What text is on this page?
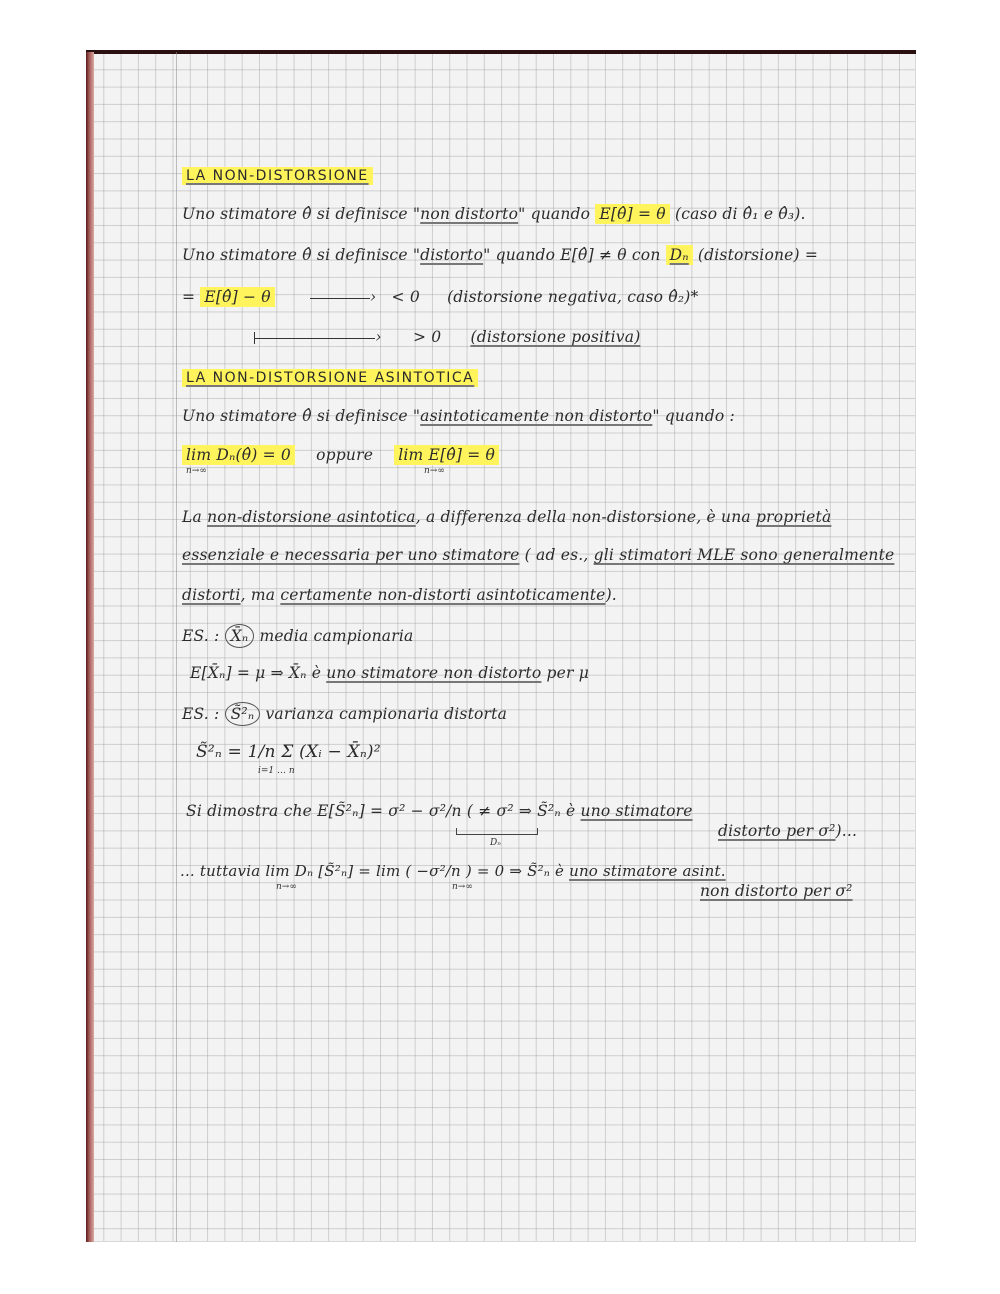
LA NON-DISTORSIONE
Uno stimatore θ̂ si definisce "non distorto" quando E[θ̂] = θ (caso di θ̂₁ e θ̂₃).
Uno stimatore θ̂ si definisce "distorto" quando E[θ̂] ≠ θ con Dₙ (distorsione) =
= E[θ̂] − θ	› < 0 (distorsione negativa, caso θ̂₂)*
› > 0 (distorsione positiva)
LA NON-DISTORSIONE ASINTOTICA
Uno stimatore θ̂ si definisce "asintoticamente non distorto" quando :
lim Dₙ(θ̂) = 0 oppure lim E[θ̂] = θ
n→∞	n→∞
La non-distorsione asintotica, a differenza della non-distorsione, è una proprietà
essenziale e necessaria per uno stimatore ( ad es., gli stimatori MLE sono generalmente
distorti, ma certamente non-distorti asintoticamente).
ES. : X̄ₙ media campionaria
E[X̄ₙ] = μ ⇒ X̄ₙ è uno stimatore non distorto per μ
ES. : S̃²ₙ varianza campionaria distorta
S̃²ₙ = 1/n Σ (Xᵢ − X̄ₙ)²
i=1 … n
Si dimostra che E[S̃²ₙ] = σ² − σ²/n ( ≠ σ² ⇒ S̃²ₙ è uno stimatore
Dₙ
distorto per σ²)...
... tuttavia lim Dₙ [S̃²ₙ] = lim ( −σ²/n ) = 0 ⇒ S̃²ₙ è uno stimatore asint.
n→∞	n→∞	non distorto per σ²
